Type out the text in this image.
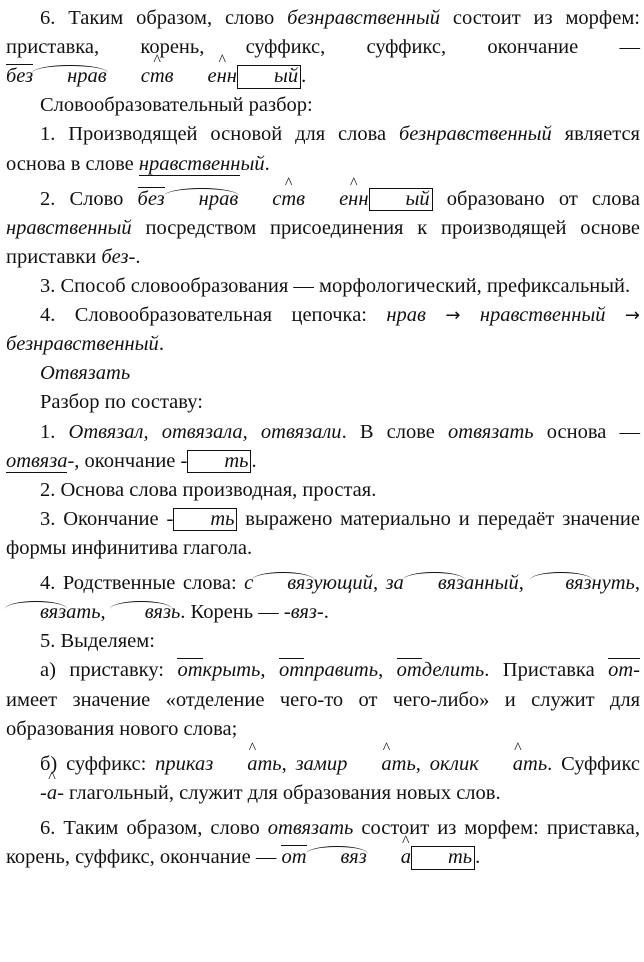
6. Таким образом, слово безнравственный состоит из морфем: приставка, корень, суффикс, суффикс, окончание — без нрав ^ ств ^ енн ый .

Словообразовательный разбор:

1. Производящей основой для слова безнравственный является основа в слове нравственный.

2. Слово без нрав ^ ств ^ енн ый образовано от слова нравственный посредством присоединения к производящей основе приставки без-.

3. Способ словообразования — морфологический, префиксальный.

4. Словообразовательная цепочка: нрав → нравственный → безнравственный.

Отвязать

Разбор по составу:

1. Отвязал, отвязала, отвязали. В слове отвязать основа — отвяза-, окончание - ть .

2. Основа слова производная, простая.

3. Окончание - ть выражено материально и передаёт значение формы инфинитива глагола.

4. Родственные слова: с вязующий, за вязанный, вязнуть, вязать, вязь. Корень — -вяз-.

5. Выделяем:

а) приставку: открыть, отправить, отделить. Приставка от- имеет значение «отделение чего-то от чего-либо» и служит для образования нового слова;

б) суффикс: приказ ^ ать, замир ^ ать, оклик ^ ать. Суффикс ^ -а- глагольный, служит для образования новых слов.

6. Таким образом, слово отвязать состоит из морфем: приставка, корень, суффикс, окончание — от вяз ^ а ть .
